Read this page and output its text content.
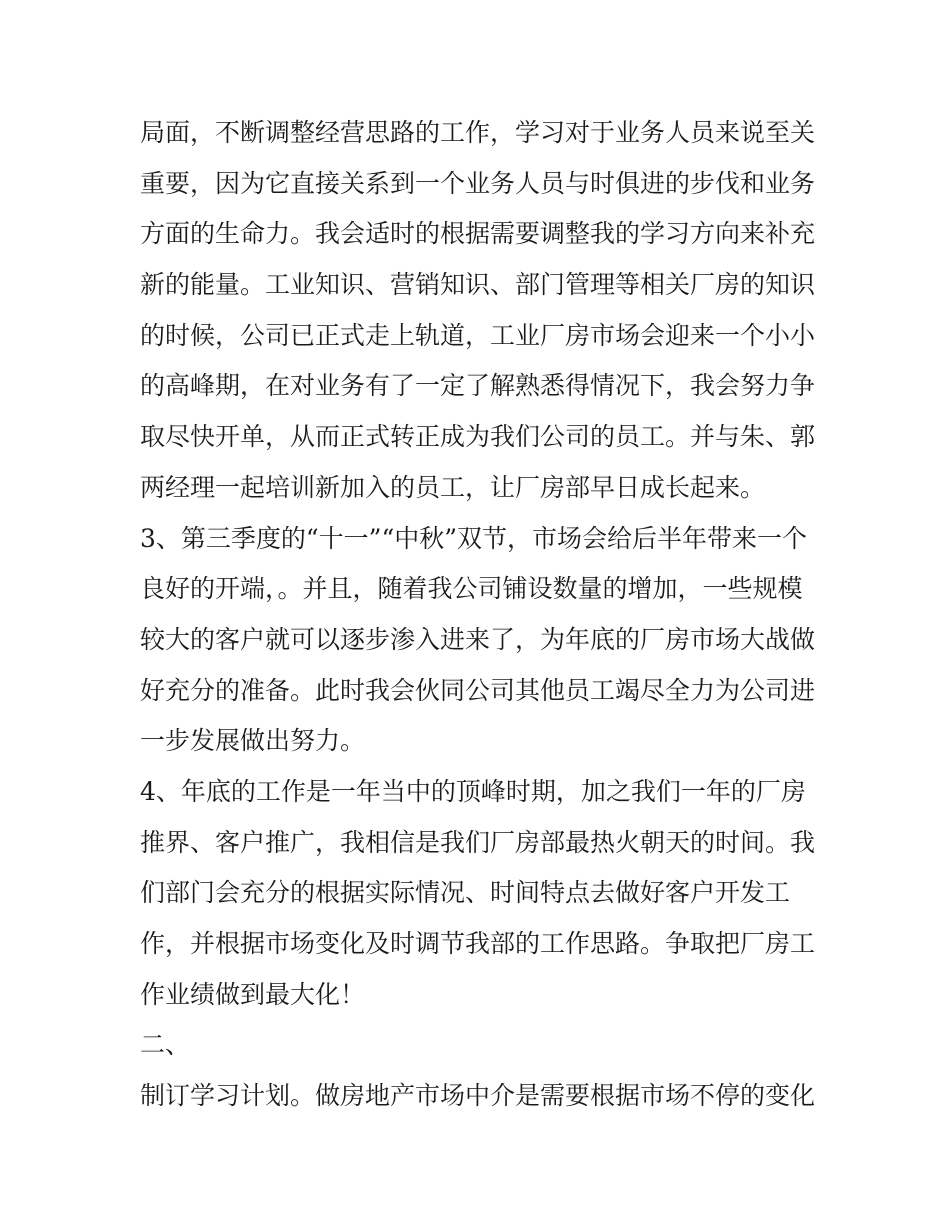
局面，不断调整经营思路的工作，学习对于业务人员来说至关
重要，因为它直接关系到一个业务人员与时俱进的步伐和业务
方面的生命力。我会适时的根据需要调整我的学习方向来补充
新的能量。工业知识、营销知识、部门管理等相关厂房的知识
的时候，公司已正式走上轨道，工业厂房市场会迎来一个小小
的高峰期，在对业务有了一定了解熟悉得情况下，我会努力争
取尽快开单，从而正式转正成为我们公司的员工。并与朱、郭
两经理一起培训新加入的员工，让厂房部早日成长起来。
3、第三季度的“十一”“中秋”双节，市场会给后半年带来一个
良好的开端，。并且，随着我公司铺设数量的增加，一些规模
较大的客户就可以逐步渗入进来了，为年底的厂房市场大战做
好充分的准备。此时我会伙同公司其他员工竭尽全力为公司进
一步发展做出努力。
4、年底的工作是一年当中的顶峰时期，加之我们一年的厂房
推界、客户推广，我相信是我们厂房部最热火朝天的时间。我
们部门会充分的根据实际情况、时间特点去做好客户开发工
作，并根据市场变化及时调节我部的工作思路。争取把厂房工
作业绩做到最大化！
二、
制订学习计划。做房地产市场中介是需要根据市场不停的变化
